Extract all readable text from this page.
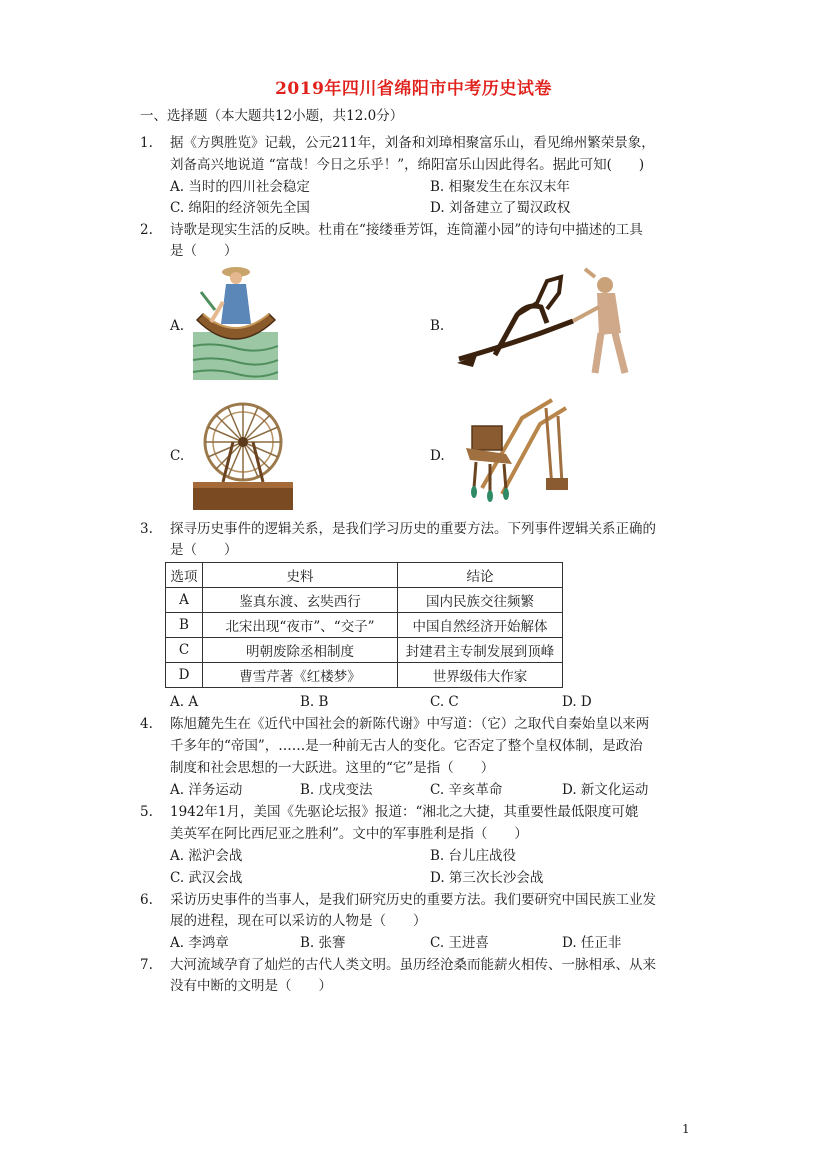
2019年四川省绵阳市中考历史试卷
一、选择题（本大题共12小题，共12.0分）
1.	据《方舆胜览》记载，公元211年，刘备和刘璋相聚富乐山，看见绵州繁荣景象，
刘备高兴地说道 “富哉！今日之乐乎！”，绵阳富乐山因此得名。据此可知(　　)
A. 当时的四川社会稳定	B. 相聚发生在东汉末年
C. 绵阳的经济领先全国	D. 刘备建立了蜀汉政权
2.	诗歌是现实生活的反映。杜甫在“接缕垂芳饵，连筒灌小园”的诗句中描述的工具
是（　　）
A.	B.
C.	D.
3.	探寻历史事件的逻辑关系，是我们学习历史的重要方法。下列事件逻辑关系正确的
是（　　）
选项	史料	结论
A	鉴真东渡、玄奘西行	国内民族交往频繁
B	北宋出现“夜市”、“交子”	中国自然经济开始解体
C	明朝废除丞相制度	封建君主专制发展到顶峰
D	曹雪芹著《红楼梦》	世界级伟大作家
A. A	B. B	C. C	D. D
4.	陈旭麓先生在《近代中国社会的新陈代谢》中写道：（它）之取代自秦始皇以来两
千多年的“帝国”，……是一种前无古人的变化。它否定了整个皇权体制，是政治
制度和社会思想的一大跃进。这里的“它”是指（　　）
A. 洋务运动	B. 戊戌变法	C. 辛亥革命	D. 新文化运动
5.	1942年1月，美国《先驱论坛报》报道：“湘北之大捷，其重要性最低限度可媲
美英军在阿比西尼亚之胜利”。文中的军事胜利是指（　　）
A. 淞沪会战	B. 台儿庄战役
C. 武汉会战	D. 第三次长沙会战
6.	采访历史事件的当事人，是我们研究历史的重要方法。我们要研究中国民族工业发
展的进程，现在可以采访的人物是（　　）
A. 李鸿章	B. 张謇	C. 王进喜	D. 任正非
7.	大河流域孕育了灿烂的古代人类文明。虽历经沧桑而能薪火相传、一脉相承、从来
没有中断的文明是（　　）
1
